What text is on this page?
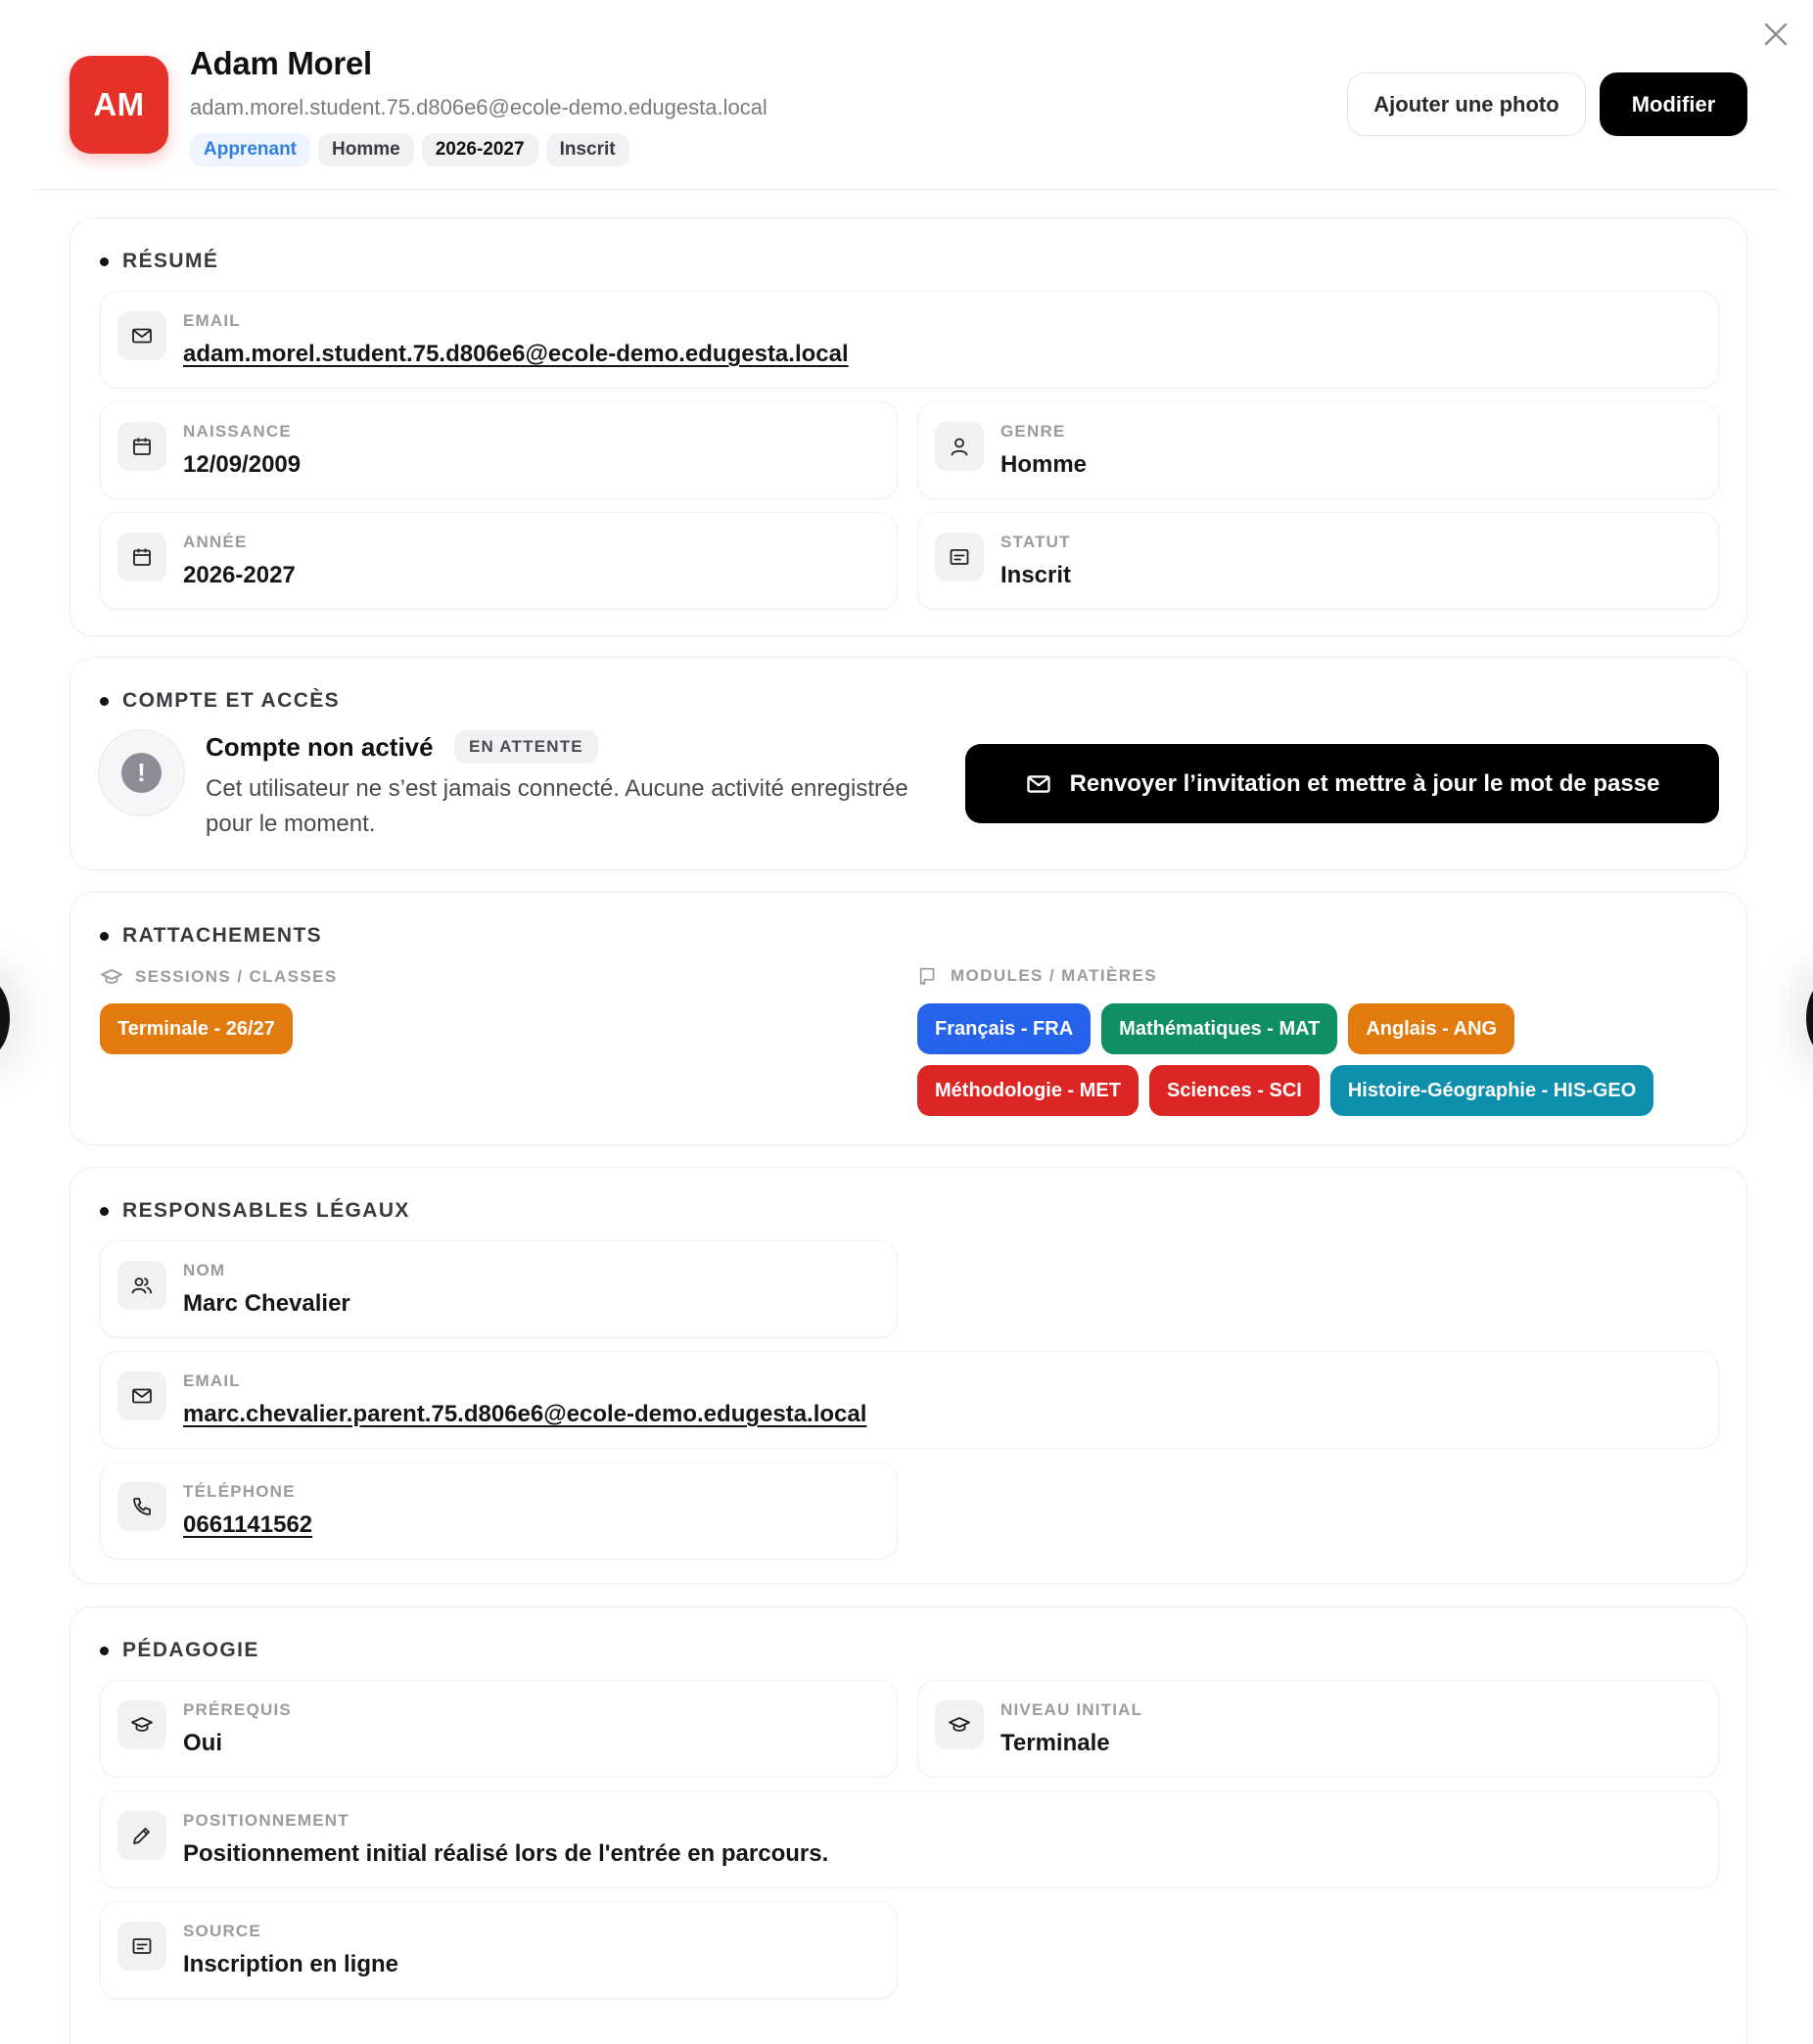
AM
Adam Morel
adam.morel.student.75.d806e6@ecole-demo.edugesta.local
Apprenant	Homme	2026-2027	Inscrit
Ajouter une photo	Modifier
RÉSUMÉ
EMAIL
adam.morel.student.75.d806e6@ecole-demo.edugesta.local
NAISSANCE
12/09/2009
GENRE
Homme
ANNÉE
2026-2027
STATUT
Inscrit
COMPTE ET ACCÈS
!
Compte non activé	EN ATTENTE
Cet utilisateur ne s’est jamais connecté. Aucune activité enregistrée pour le moment.
Renvoyer l’invitation et mettre à jour le mot de passe
RATTACHEMENTS
SESSIONS / CLASSES
Terminale - 26/27
MODULES / MATIÈRES
Français - FRA	Mathématiques - MAT	Anglais - ANG
Méthodologie - MET	Sciences - SCI	Histoire-Géographie - HIS-GEO
RESPONSABLES LÉGAUX
NOM
Marc Chevalier
EMAIL
marc.chevalier.parent.75.d806e6@ecole-demo.edugesta.local
TÉLÉPHONE
0661141562
PÉDAGOGIE
PRÉREQUIS
Oui
NIVEAU INITIAL
Terminale
POSITIONNEMENT
Positionnement initial réalisé lors de l'entrée en parcours.
SOURCE
Inscription en ligne
